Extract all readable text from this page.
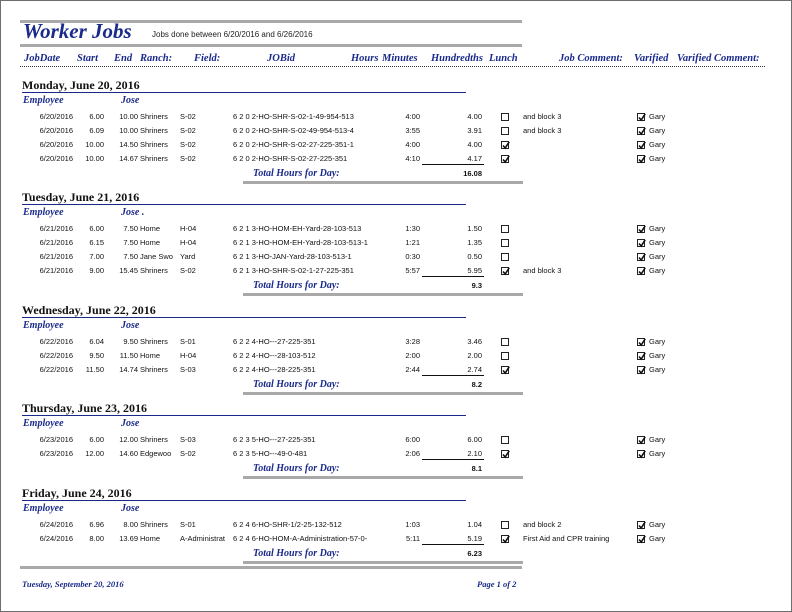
Worker Jobs	Jobs done between 6/20/2016 and 6/26/2016
JobDate Start End Ranch: Field:	JOBid	Hours Minutes Hundredths Lunch	Job Comment: Varified Varified Comment:
Monday, June 20, 2016
Employee	Jose
6/20/2016	6.00	10.00 Shriners	S-02	6 2 0 2-HO-SHR-S-02-1-49-954-513	4:00	4.00	and block 3	Gary
6/20/2016	6.09	10.00 Shriners	S-02	6 2 0 2-HO-SHR-S-02-49-954-513-4	3:55	3.91	and block 3	Gary
6/20/2016	10.00	14.50 Shriners	S-02	6 2 0 2-HO-SHR-S-02-27-225-351-1	4:00	4.00	Gary
6/20/2016	10.00	14.67 Shriners	S-02	6 2 0 2-HO-SHR-S-02-27-225-351	4:10	4.17	Gary
Total Hours for Day:	16.08
Tuesday, June 21, 2016
Employee	Jose .
6/21/2016	6.00	7.50 Home	H-04	6 2 1 3-HO-HOM-EH-Yard-28-103-513	1:30	1.50	Gary
6/21/2016	6.15	7.50 Home	H-04	6 2 1 3-HO-HOM-EH-Yard-28-103-513-1	1:21	1.35	Gary
6/21/2016	7.00	7.50 Jane Swo Yard	6 2 1 3-HO-JAN-Yard-28-103-513-1	0:30	0.50	Gary
6/21/2016	9.00	15.45 Shriners	S-02	6 2 1 3-HO-SHR-S-02-1-27-225-351	5:57	5.95	and block 3	Gary
Total Hours for Day:	9.3
Wednesday, June 22, 2016
Employee	Jose
6/22/2016	6.04	9.50 Shriners	S-01	6 2 2 4-HO---27-225-351	3:28	3.46	Gary
6/22/2016	9.50	11.50 Home	H-04	6 2 2 4-HO---28-103-512	2:00	2.00	Gary
6/22/2016	11.50	14.74 Shriners	S-03	6 2 2 4-HO---28-225-351	2:44	2.74	Gary
Total Hours for Day:	8.2
Thursday, June 23, 2016
Employee	Jose
6/23/2016	6.00	12.00 Shriners	S-03	6 2 3 5-HO---27-225-351	6:00	6.00	Gary
6/23/2016	12.00	14.60 Edgewoo	S-02	6 2 3 5-HO---49-0-481	2:06	2.10	Gary
Total Hours for Day:	8.1
Friday, June 24, 2016
Employee	Jose
6/24/2016	6.96	8.00 Shriners	S-01	6 2 4 6-HO-SHR-1/2-25-132-512	1:03	1.04	and block 2	Gary
6/24/2016	8.00	13.69 Home	A-Administrat	6 2 4 6-HO-HOM-A-Administration-57-0-	5:11	5.19	First Aid and CPR training	Gary
Total Hours for Day:	6.23
Tuesday, September 20, 2016	Page 1 of 2
